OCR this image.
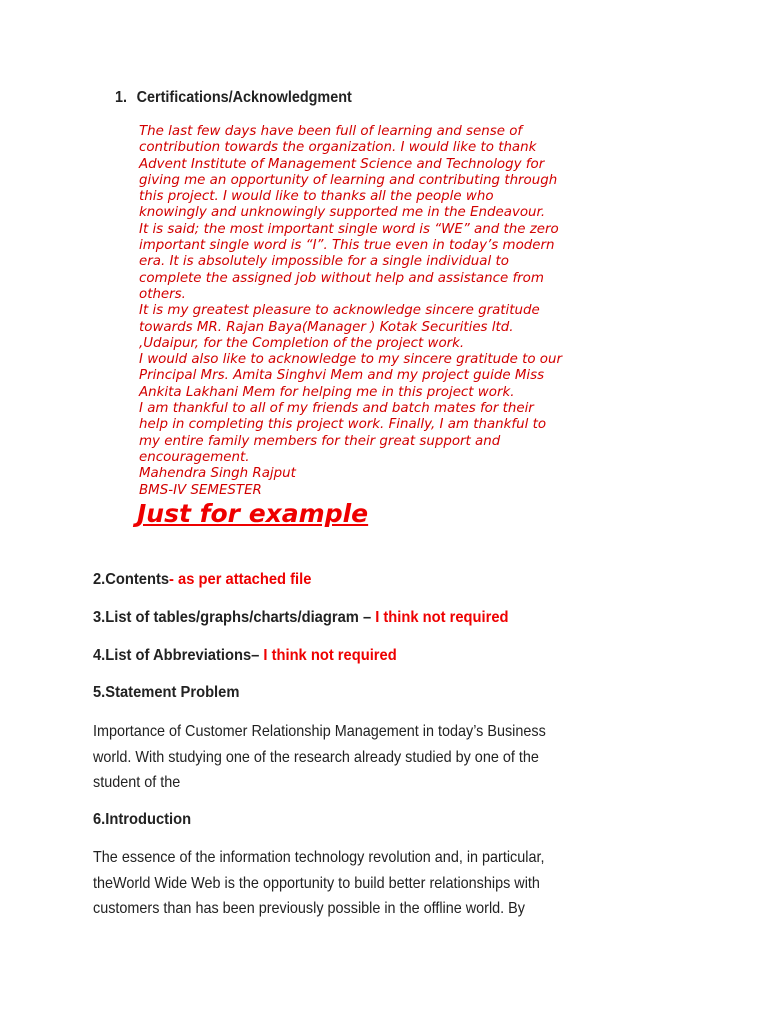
1. Certifications/Acknowledgment
The last few days have been full of learning and sense of
contribution towards the organization. I would like to thank
Advent Institute of Management Science and Technology for
giving me an opportunity of learning and contributing through
this project. I would like to thanks all the people who
knowingly and unknowingly supported me in the Endeavour.
It is said; the most important single word is “WE” and the zero
important single word is “I”. This true even in today’s modern
era. It is absolutely impossible for a single individual to
complete the assigned job without help and assistance from
others.
It is my greatest pleasure to acknowledge sincere gratitude
towards MR. Rajan Baya(Manager ) Kotak Securities ltd.
,Udaipur, for the Completion of the project work.
I would also like to acknowledge to my sincere gratitude to our
Principal Mrs. Amita Singhvi Mem and my project guide Miss
Ankita Lakhani Mem for helping me in this project work.
I am thankful to all of my friends and batch mates for their
help in completing this project work. Finally, I am thankful to
my entire family members for their great support and
encouragement.
Mahendra Singh Rajput
BMS-IV SEMESTER
Just for example
2.Contents- as per attached file
3.List of tables/graphs/charts/diagram – I think not required
4.List of Abbreviations– I think not required
5.Statement Problem
Importance of Customer Relationship Management in today’s Business
world. With studying one of the research already studied by one of the
student of the
6.Introduction
The essence of the information technology revolution and, in particular,
theWorld Wide Web is the opportunity to build better relationships with
customers than has been previously possible in the offline world. By
